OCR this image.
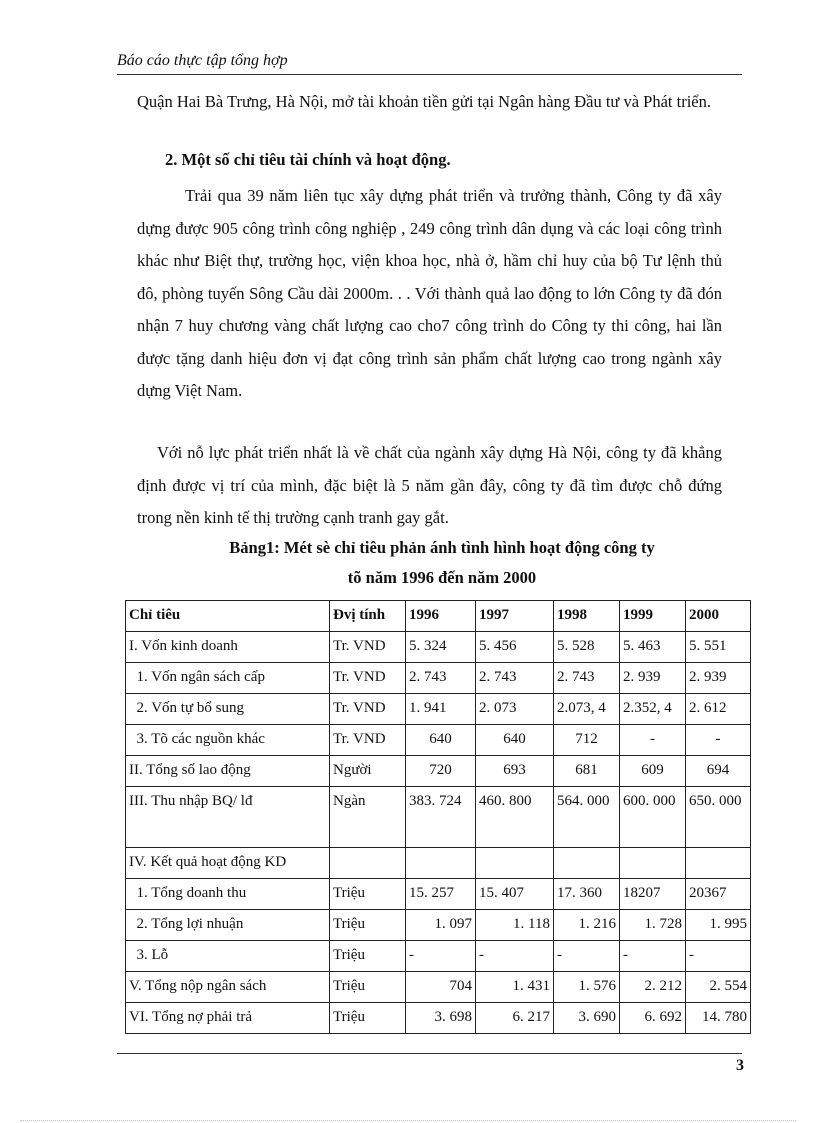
Báo cáo thực tập tổng hợp
Quận Hai Bà Trưng, Hà Nội, mở tài khoản tiền gửi tại Ngân hàng Đầu tư và Phát triển.
2. Một số chỉ tiêu tài chính và hoạt động.
Trải qua 39 năm liên tục xây dựng phát triển và trưởng thành, Công ty đã xây dựng được 905 công trình công nghiệp , 249 công trình dân dụng và các loại công trình khác như Biệt thự, trường học, viện khoa học, nhà ở, hầm chỉ huy của bộ Tư lệnh thủ đô, phòng tuyến Sông Cầu dài 2000m. . . Với thành quả lao động to lớn Công ty đã đón nhận 7 huy chương vàng chất lượng cao cho7 công trình do Công ty thi công, hai lần được tặng danh hiệu đơn vị đạt công trình sản phẩm chất lượng cao trong ngành xây dựng Việt Nam.
Với nỗ lực phát triển nhất là về chất của ngành xây dựng Hà Nội, công ty đã khẳng định được vị trí của mình, đặc biệt là 5 năm gần đây, công ty đã tìm được chỗ đứng trong nền kinh tế thị trường cạnh tranh gay gắt.
Bảng1: Mét sè chỉ tiêu phản ánh tình hình hoạt động công ty
tõ năm 1996 đến năm 2000
Chỉ tiêu	Đvị tính	1996	1997	1998	1999	2000
I. Vốn kinh doanh	Tr. VND	5. 324	5. 456	5. 528	5. 463	5. 551
1. Vốn ngân sách cấp	Tr. VND	2. 743	2. 743	2. 743	2. 939	2. 939
2. Vốn tự bổ sung	Tr. VND	1. 941	2. 073	2.073, 4	2.352, 4	2. 612
3. Tõ các nguồn khác	Tr. VND	640	640	712	-	-
II. Tổng số lao động	Người	720	693	681	609	694
III. Thu nhập BQ/ lđ	Ngàn	383. 724	460. 800	564. 000	600. 000	650. 000
IV. Kết quả hoạt động KD						
1. Tổng doanh thu	Triệu	15. 257	15. 407	17. 360	18207	20367
2. Tổng lợi nhuận	Triệu	1. 097	1. 118	1. 216	1. 728	1. 995
3. Lỗ	Triệu	-	-	-	-	-
V. Tổng nộp ngân sách	Triệu	704	1. 431	1. 576	2. 212	2. 554
VI. Tổng nợ phải trả	Triệu	3. 698	6. 217	3. 690	6. 692	14. 780
3
